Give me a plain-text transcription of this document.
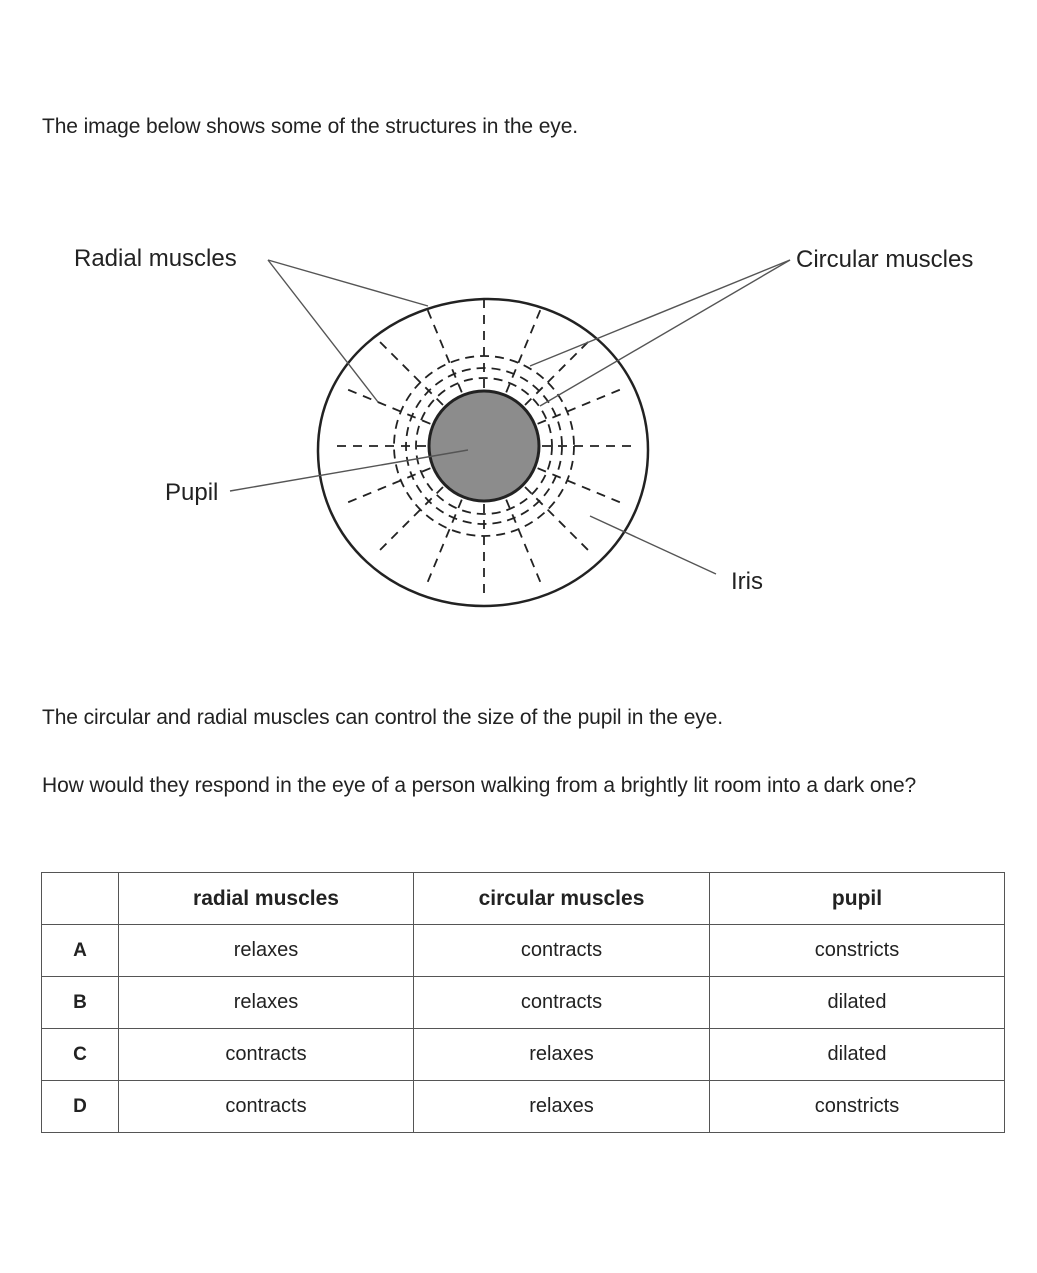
The image below shows some of the structures in the eye.

Radial muscles	Circular muscles
Pupil
Iris

The circular and radial muscles can control the size of the pupil in the eye.

How would they respond in the eye of a person walking from a brightly lit room into a dark one?

	radial muscles	circular muscles	pupil
A	relaxes	contracts	constricts
B	relaxes	contracts	dilated
C	contracts	relaxes	dilated
D	contracts	relaxes	constricts
